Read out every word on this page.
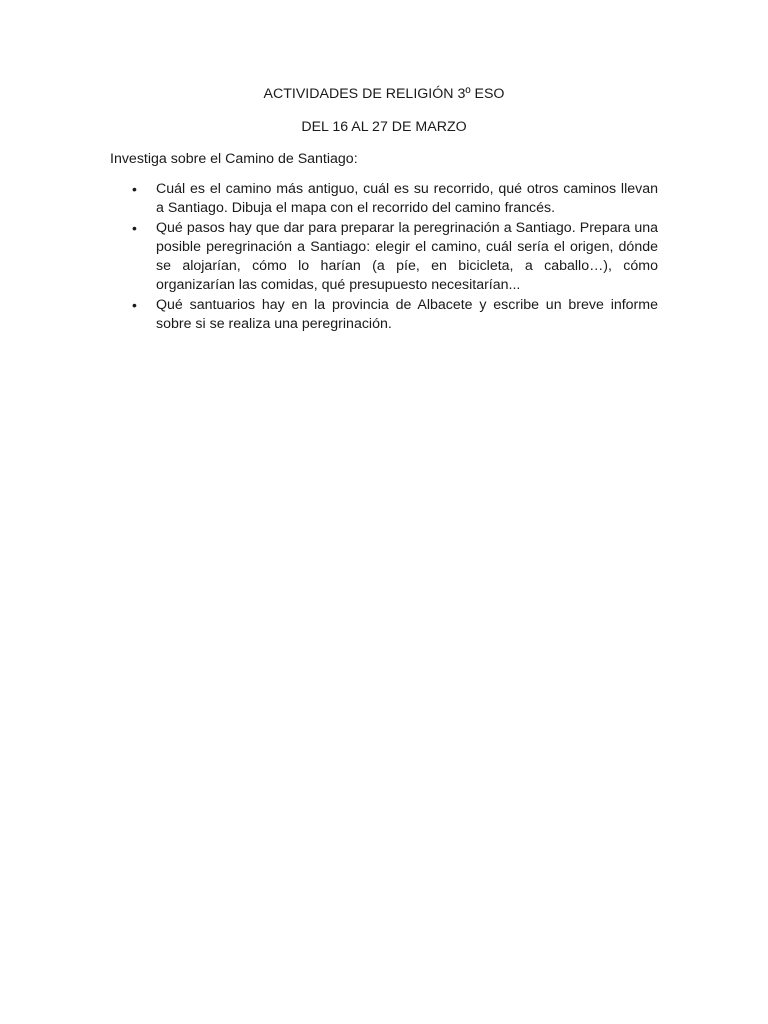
ACTIVIDADES DE RELIGIÓN 3º ESO

DEL 16 AL 27 DE MARZO

Investiga sobre el Camino de Santiago:

• Cuál es el camino más antiguo, cuál es su recorrido, qué otros caminos llevan a Santiago. Dibuja el mapa con el recorrido del camino francés.
• Qué pasos hay que dar para preparar la peregrinación a Santiago. Prepara una posible peregrinación a Santiago: elegir el camino, cuál sería el origen, dónde se alojarían, cómo lo harían (a píe, en bicicleta, a caballo…), cómo organizarían las comidas, qué presupuesto necesitarían...
• Qué santuarios hay en la provincia de Albacete y escribe un breve informe sobre si se realiza una peregrinación.
